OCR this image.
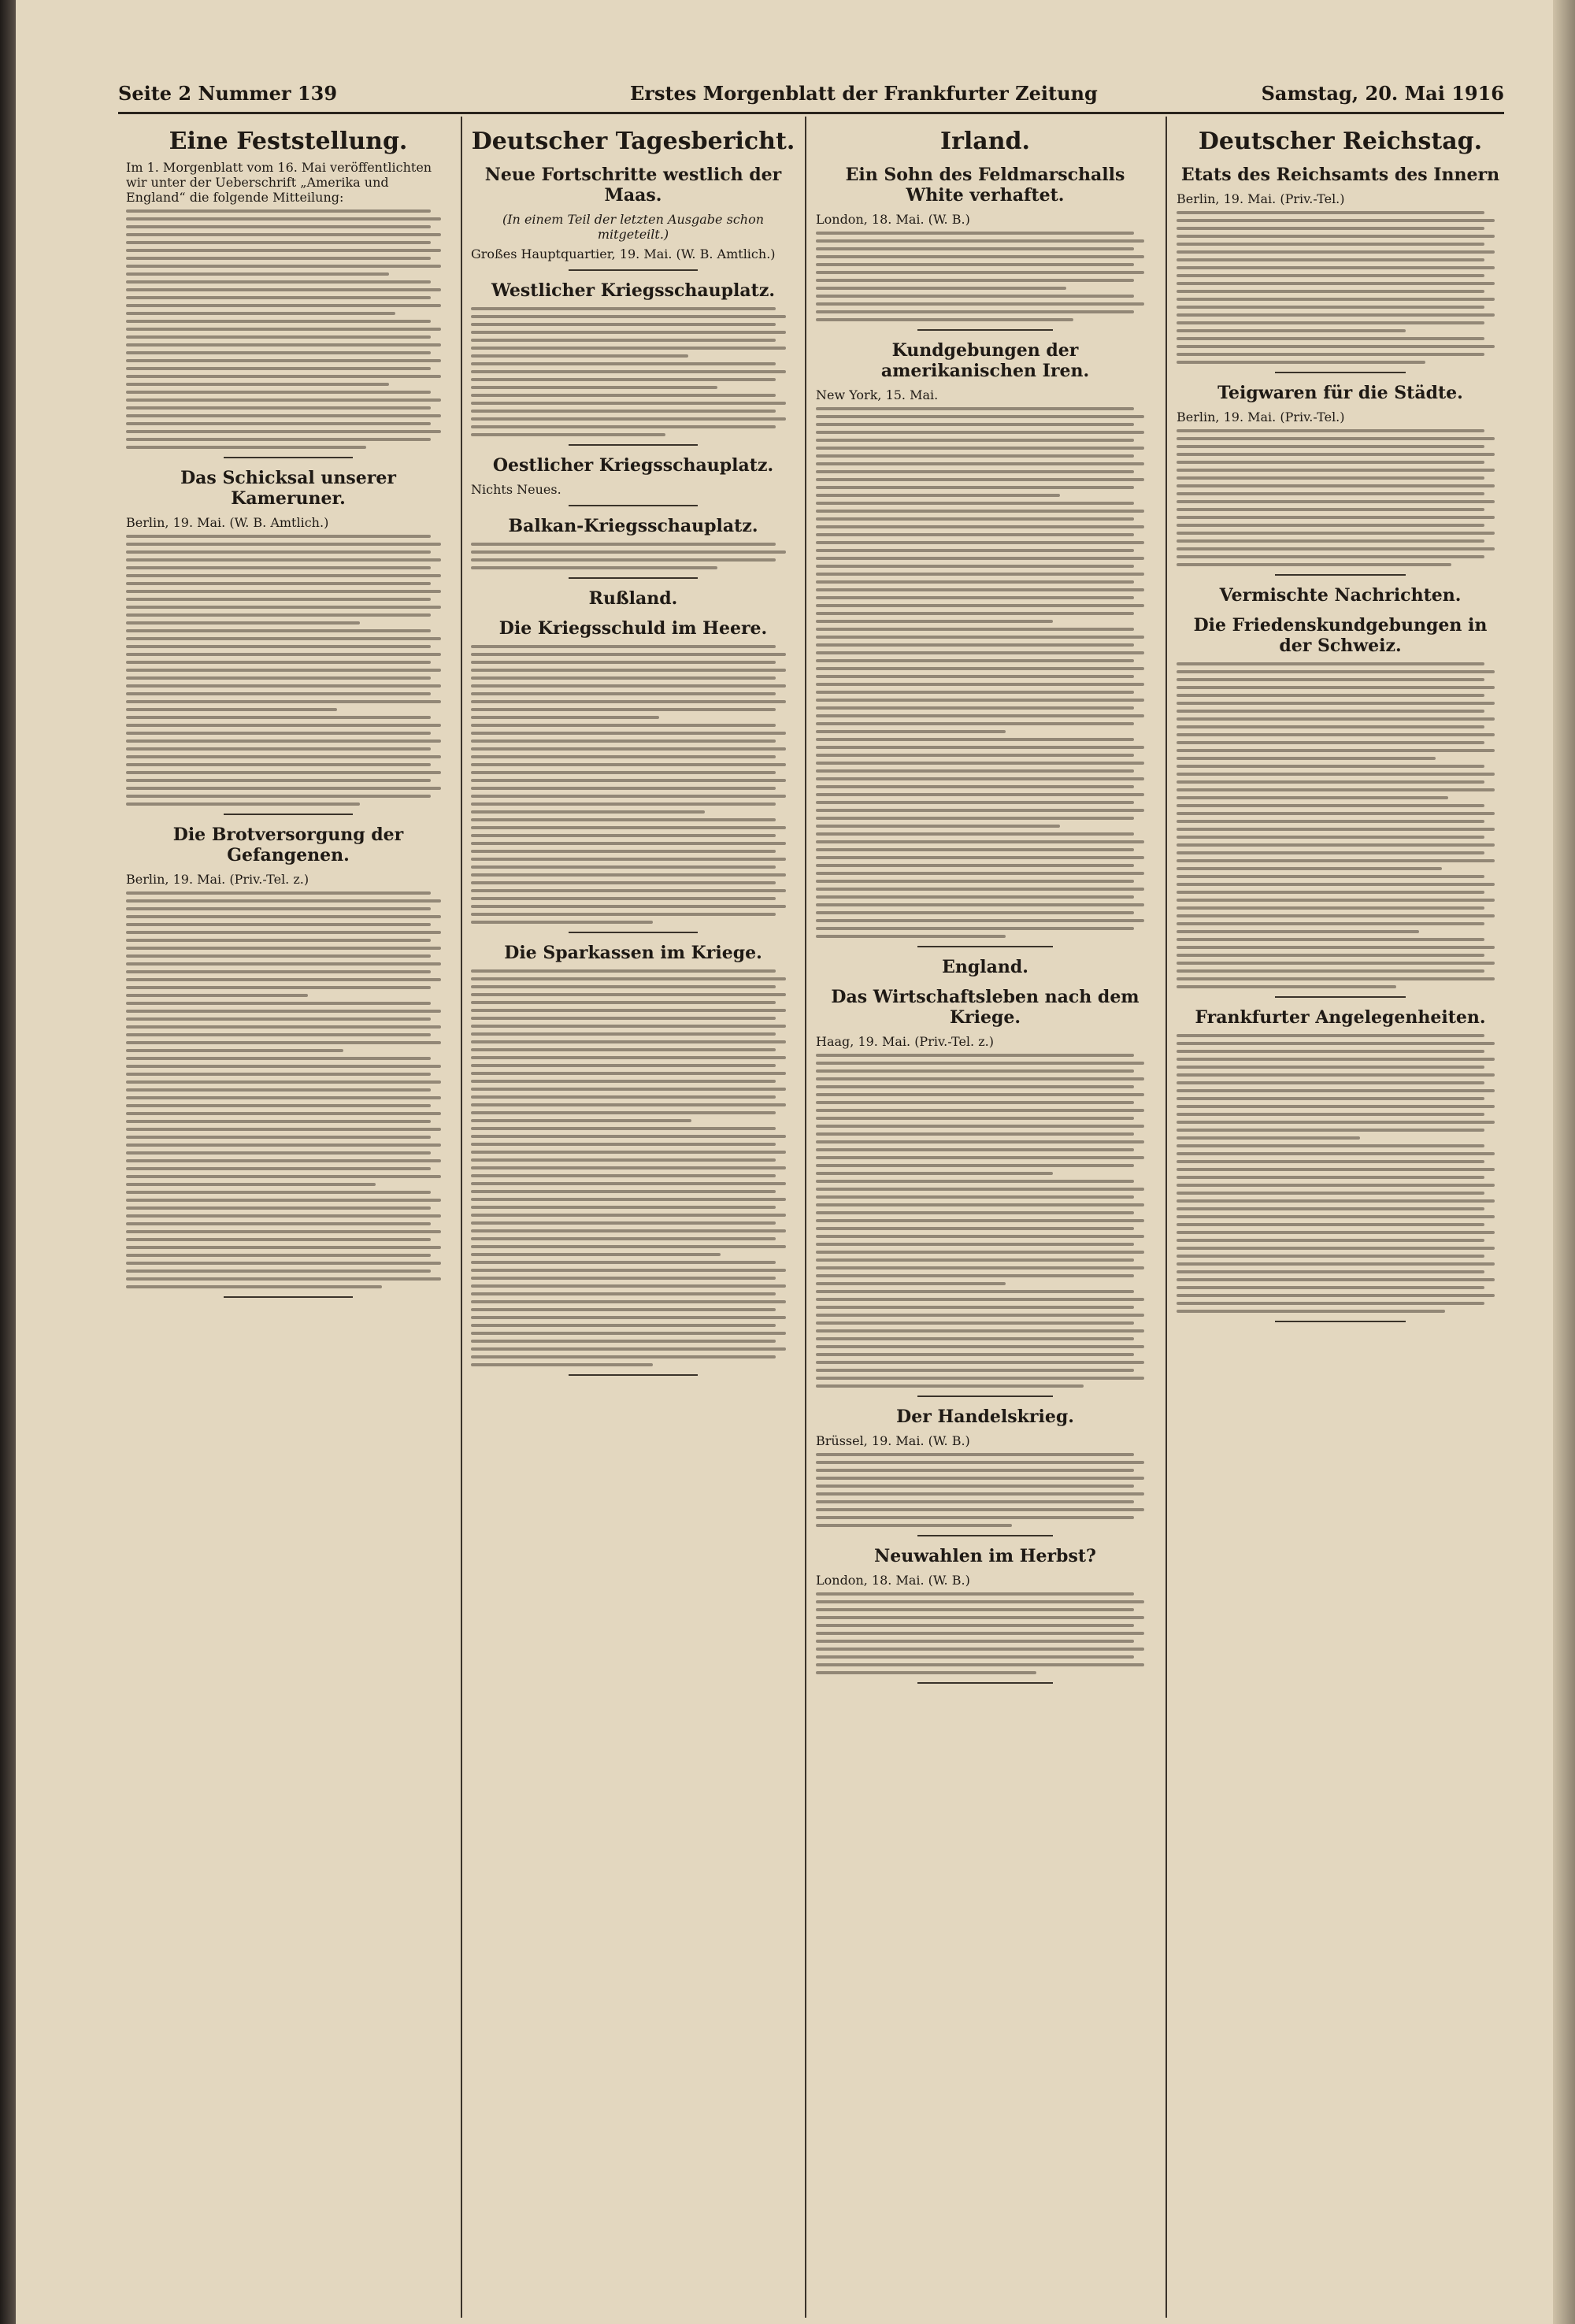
Seite 2 Nummer 139	Erstes Morgenblatt der Frankfurter Zeitung	Samstag, 20. Mai 1916
Eine Feststellung.
Im 1. Morgenblatt vom 16. Mai veröffentlichten wir unter der Ueberschrift „Amerika und England“ die folgende Mitteilung:
Das Schicksal unserer Kameruner.
Berlin, 19. Mai. (W. B. Amtlich.)
Die Brotversorgung der Gefangenen.
Berlin, 19. Mai. (Priv.-Tel. z.)
Deutscher Tagesbericht.
Neue Fortschritte westlich der Maas.
(In einem Teil der letzten Ausgabe schon mitgeteilt.)
Großes Hauptquartier, 19. Mai. (W. B. Amtlich.)
Westlicher Kriegsschauplatz.
Oestlicher Kriegsschauplatz.
Nichts Neues.
Balkan-Kriegsschauplatz.
Rußland.
Die Kriegsschuld im Heere.
Die Sparkassen im Kriege.
Irland.
Ein Sohn des Feldmarschalls White verhaftet.
London, 18. Mai. (W. B.)
Kundgebungen der amerikanischen Iren.
New York, 15. Mai.
England.
Das Wirtschaftsleben nach dem Kriege.
Haag, 19. Mai. (Priv.-Tel. z.)
Der Handelskrieg.
Brüssel, 19. Mai. (W. B.)
Neuwahlen im Herbst?
London, 18. Mai. (W. B.)
Deutscher Reichstag.
Etats des Reichsamts des Innern
Berlin, 19. Mai. (Priv.-Tel.)
Teigwaren für die Städte.
Berlin, 19. Mai. (Priv.-Tel.)
Vermischte Nachrichten.
Die Friedenskundgebungen in der Schweiz.
Frankfurter Angelegenheiten.
